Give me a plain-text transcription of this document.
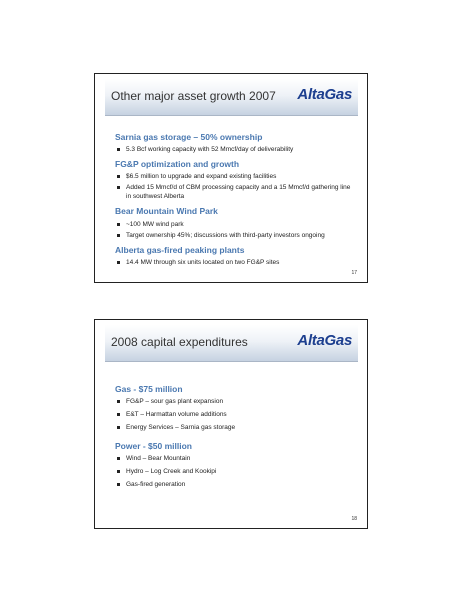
Other major asset growth 2007 AltaGas
Sarnia gas storage – 50% ownership
5.3 Bcf working capacity with 52 Mmcf/day of deliverability
FG&P optimization and growth
$6.5 million to upgrade and expand existing facilities
Added 15 Mmcf/d of CBM processing capacity and a 15 Mmcf/d gathering line in southwest Alberta
Bear Mountain Wind Park
~100 MW wind park
Target ownership 45%; discussions with third-party investors ongoing
Alberta gas-fired peaking plants
14.4 MW through six units located on two FG&P sites
17
2008 capital expenditures	AltaGas
Gas - $75 million
FG&P – sour gas plant expansion
E&T – Harmattan volume additions
Energy Services – Sarnia gas storage
Power - $50 million
Wind – Bear Mountain
Hydro – Log Creek and Kookipi
Gas-fired generation
18
